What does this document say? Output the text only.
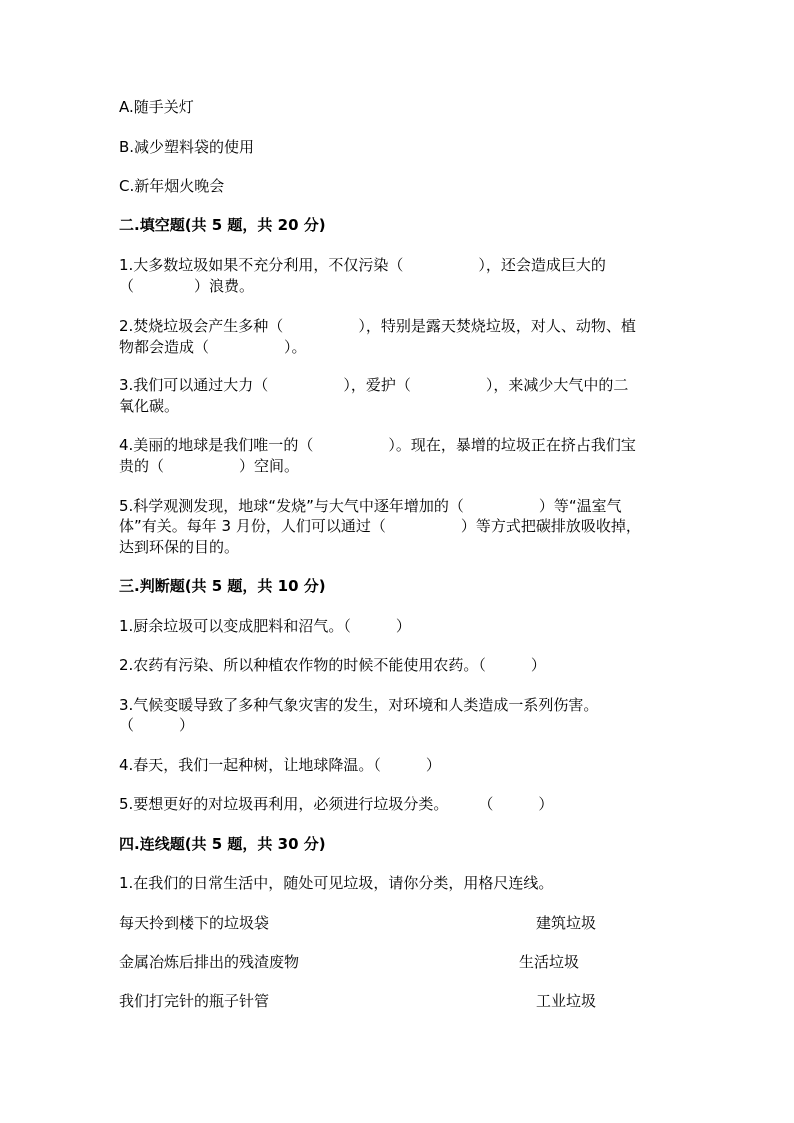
A.随手关灯
B.减少塑料袋的使用
C.新年烟火晚会
二.填空题(共 5 题，共 20 分)
1.大多数垃圾如果不充分利用，不仅污染（　　　　　），还会造成巨大的
（　　　　）浪费。
2.焚烧垃圾会产生多种（　　　　　），特别是露天焚烧垃圾，对人、动物、植
物都会造成（　　　　　）。
3.我们可以通过大力（　　　　　），爱护（　　　　　），来减少大气中的二
氧化碳。
4.美丽的地球是我们唯一的（　　　　　）。现在，暴增的垃圾正在挤占我们宝
贵的（　　　　　）空间。
5.科学观测发现，地球“发烧”与大气中逐年增加的（　　　　　）等“温室气
体”有关。每年 3 月份，人们可以通过（　　　　　）等方式把碳排放吸收掉，
达到环保的目的。
三.判断题(共 5 题，共 10 分)
1.厨余垃圾可以变成肥料和沼气。（　　　）
2.农药有污染、所以种植农作物的时候不能使用农药。（　　　）
3.气候变暖导致了多种气象灾害的发生，对环境和人类造成一系列伤害。
（　　　）
4.春天，我们一起种树，让地球降温。（　　　）
5.要想更好的对垃圾再利用，必须进行垃圾分类。　　　（　　　）
四.连线题(共 5 题，共 30 分)
1.在我们的日常生活中，随处可见垃圾，请你分类，用格尺连线。
每天拎到楼下的垃圾袋	建筑垃圾
金属冶炼后排出的残渣废物	生活垃圾
我们打完针的瓶子针管	工业垃圾
